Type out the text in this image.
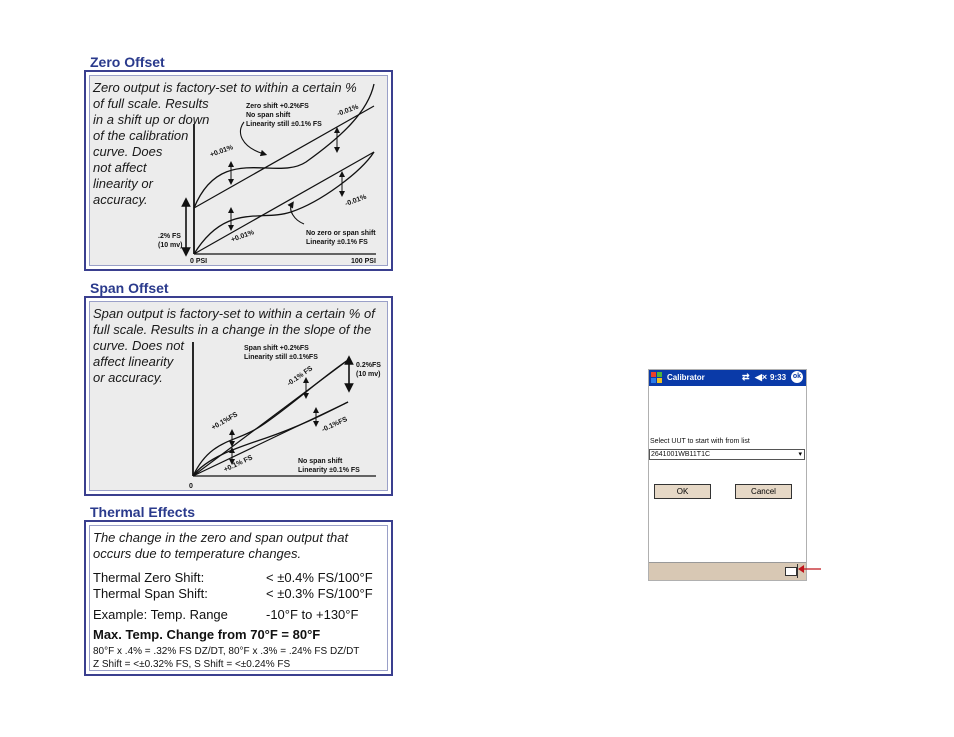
Zero Offset
Zero output is factory-set to within a certain %
of full scale. Results
in a shift up or down
of the calibration
curve. Does
not affect
linearity or
accuracy.
Zero shift +0.2%FS
No span shift
Linearity still ±0.1% FS
-0.01%
+0.01%
-0.01%
+0.01%
.2% FS
(10 mv)
No zero or span shift
Linearity ±0.1% FS
0 PSI	100 PSI
Span Offset
Span output is factory-set to within a certain % of
full scale. Results in a change in the slope of the
curve. Does not
affect linearity
or accuracy.
Span shift +0.2%FS
Linearity still ±0.1%FS
0.2%FS
(10 mv)
-0.1% FS
+0.1%FS	-0.1%FS
+0.1% FS	No span shift
Linearity ±0.1% FS
0
Thermal Effects
The change in the zero and span output that
occurs due to temperature changes.
Thermal Zero Shift:	< ±0.4% FS/100°F
Thermal Span Shift:	< ±0.3% FS/100°F
Example: Temp. Range	-10°F to +130°F
Max. Temp. Change from 70°F = 80°F
80°F x .4% = .32% FS DZ/DT, 80°F x .3% = .24% FS DZ/DT
Z Shift = <±0.32% FS, S Shift = <±0.24% FS
Calibrator	⇄ ◀× 9:33 ok
Select UUT to start with from list
2641001WB11T1C	▾
OK	Cancel
